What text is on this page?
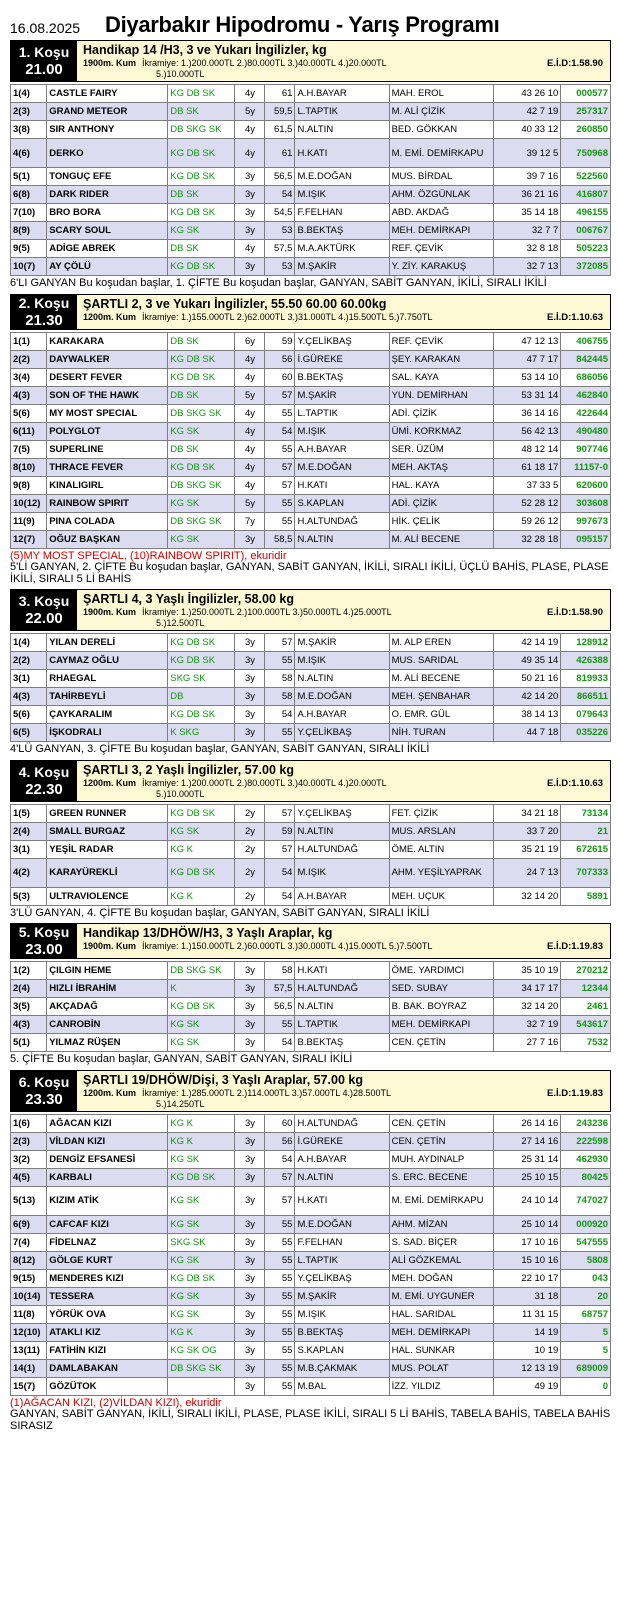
16.08.2025	Diyarbakır Hipodromu - Yarış Programı
1. Koşu
21.00
Handikap 14 /H3, 3 ve Yukarı İngilizler, kg
1900m. Kum İkramiye: 1.)200.000TL 2.)80.000TL 3.)40.000TL 4.)20.000TL	E.İ.D:1.58.90
5.)10.000TL
1(4)	CASTLE FAIRY	KG DB SK	4y	61	A.H.BAYAR	MAH. EROL	43 26 10	000577
2(3)	GRAND METEOR	DB SK	5y	59,5	L.TAPTIK	M. ALİ ÇİZİK	42 7 19	257317
3(8)	SIR ANTHONY	DB SKG SK	4y	61,5	N.ALTIN	BED. GÖKKAN	40 33 12	260850
4(6)	DERKO	KG DB SK	4y	61	H.KATI	M. EMİ. DEMİRKAPU	39 12 5	750968
5(1)	TONGUÇ EFE	KG DB SK	3y	56,5	M.E.DOĞAN	MUS. BİRDAL	39 7 16	522560
6(8)	DARK RIDER	DB SK	3y	54	M.IŞIK	AHM. ÖZGÜNLAK	36 21 16	416807
7(10)	BRO BORA	KG DB SK	3y	54,5	F.FELHAN	ABD. AKDAĞ	35 14 18	496155
8(9)	SCARY SOUL	KG SK	3y	53	B.BEKTAŞ	MEH. DEMİRKAPI	32 7 7	006767
9(5)	ADİGE ABREK	DB SK	4y	57,5	M.A.AKTÜRK	REF. ÇEVİK	32 8 18	505223
10(7)	AY ÇÖLÜ	KG DB SK	3y	53	M.ŞAKİR	Y. ZİY. KARAKUŞ	32 7 13	372085
6'LI GANYAN Bu koşudan başlar, 1. ÇİFTE Bu koşudan başlar, GANYAN, SABİT GANYAN, İKİLİ, SIRALI İKİLİ
2. Koşu
21.30
ŞARTLI 2, 3 ve Yukarı İngilizler, 55.50 60.00 60.00kg
1200m. Kum İkramiye: 1.)155.000TL 2.)62.000TL 3.)31.000TL 4.)15.500TL 5.)7.750TL	E.İ.D:1.10.63
1(1)	KARAKARA	DB SK	6y	59	Y.ÇELİKBAŞ	REF. ÇEVİK	47 12 13	406755
2(2)	DAYWALKER	KG DB SK	4y	56	İ.GÜREKE	ŞEY. KARAKAN	47 7 17	842445
3(4)	DESERT FEVER	KG DB SK	4y	60	B.BEKTAŞ	SAL. KAYA	53 14 10	686056
4(3)	SON OF THE HAWK	DB SK	5y	57	M.ŞAKİR	YUN. DEMİRHAN	53 31 14	462840
5(6)	MY MOST SPECIAL	DB SKG SK	4y	55	L.TAPTIK	ADİ. ÇİZİK	36 14 16	422644
6(11)	POLYGLOT	KG SK	4y	54	M.IŞIK	ÜMİ. KORKMAZ	56 42 13	490480
7(5)	SUPERLINE	DB SK	4y	55	A.H.BAYAR	SER. ÜZÜM	48 12 14	907746
8(10)	THRACE FEVER	KG DB SK	4y	57	M.E.DOĞAN	MEH. AKTAŞ	61 18 17	11157-0
9(8)	KINALIGIRL	DB SKG SK	4y	57	H.KATI	HAL. KAYA	37 33 5	620600
10(12)	RAINBOW SPIRIT	KG SK	5y	55	S.KAPLAN	ADİ. ÇİZİK	52 28 12	303608
11(9)	PINA COLADA	DB SKG SK	7y	55	H.ALTUNDAĞ	HİK. ÇELİK	59 26 12	997673
12(7)	OĞUZ BAŞKAN	KG SK	3y	58,5	N.ALTIN	M. ALİ BECENE	32 28 18	095157
(5)MY MOST SPECIAL, (10)RAINBOW SPIRIT), ekuridir
5'Lİ GANYAN, 2. ÇİFTE Bu koşudan başlar, GANYAN, SABİT GANYAN, İKİLİ, SIRALI İKİLİ, ÜÇLÜ BAHİS, PLASE, PLASE İKİLİ, SIRALI 5 Lİ BAHİS
3. Koşu
22.00
ŞARTLI 4, 3 Yaşlı İngilizler, 58.00 kg
1900m. Kum İkramiye: 1.)250.000TL 2.)100.000TL 3.)50.000TL 4.)25.000TL	E.İ.D:1.58.90
5.)12.500TL
1(4)	YILAN DERELİ	KG DB SK	3y	57	M.ŞAKİR	M. ALP EREN	42 14 19	128912
2(2)	CAYMAZ OĞLU	KG DB SK	3y	55	M.IŞIK	MUS. SARIDAL	49 35 14	426388
3(1)	RHAEGAL	SKG SK	3y	58	N.ALTIN	M. ALİ BECENE	50 21 16	819933
4(3)	TAHİRBEYLİ	DB	3y	58	M.E.DOĞAN	MEH. ŞENBAHAR	42 14 20	866511
5(6)	ÇAYKARALIM	KG DB SK	3y	54	A.H.BAYAR	O. EMR. GÜL	38 14 13	079643
6(5)	İŞKODRALI	K SKG	3y	55	Y.ÇELİKBAŞ	NİH. TURAN	44 7 18	035226
4'LÜ GANYAN, 3. ÇİFTE Bu koşudan başlar, GANYAN, SABİT GANYAN, SIRALI İKİLİ
4. Koşu
22.30
ŞARTLI 3, 2 Yaşlı İngilizler, 57.00 kg
1200m. Kum İkramiye: 1.)200.000TL 2.)80.000TL 3.)40.000TL 4.)20.000TL	E.İ.D:1.10.63
5.)10.000TL
1(5)	GREEN RUNNER	KG DB SK	2y	57	Y.ÇELİKBAŞ	FET. ÇİZİK	34 21 18	73134
2(4)	SMALL BURGAZ	KG SK	2y	59	N.ALTIN	MUS. ARSLAN	33 7 20	21
3(1)	YEŞİL RADAR	KG K	2y	57	H.ALTUNDAĞ	ÖME. ALTIN	35 21 19	672615
4(2)	KARAYÜREKLİ	KG DB SK	2y	54	M.IŞIK	AHM. YEŞİLYAPRAK	24 7 13	707333
5(3)	ULTRAVIOLENCE	KG K	2y	54	A.H.BAYAR	MEH. UÇUK	32 14 20	5891
3'LÜ GANYAN, 4. ÇİFTE Bu koşudan başlar, GANYAN, SABİT GANYAN, SIRALI İKİLİ
5. Koşu
23.00
Handikap 13/DHÖW/H3, 3 Yaşlı Araplar, kg
1900m. Kum İkramiye: 1.)150.000TL 2.)60.000TL 3.)30.000TL 4.)15.000TL 5.)7.500TL	E.İ.D:1.19.83
1(2)	ÇILGIN HEME	DB SKG SK	3y	58	H.KATI	ÖME. YARDIMCI	35 10 19	270212
2(4)	HIZLI İBRAHİM	K	3y	57,5	H.ALTUNDAĞ	SED. SUBAY	34 17 17	12344
3(5)	AKÇADAĞ	KG DB SK	3y	56,5	N.ALTIN	B. BAK. BOYRAZ	32 14 20	2461
4(3)	CANROBİN	KG SK	3y	55	L.TAPTIK	MEH. DEMİRKAPI	32 7 19	543617
5(1)	YILMAZ RÜŞEN	KG SK	3y	54	B.BEKTAŞ	CEN. ÇETİN	27 7 16	7532
5. ÇİFTE Bu koşudan başlar, GANYAN, SABİT GANYAN, SIRALI İKİLİ
6. Koşu
23.30
ŞARTLI 19/DHÖW/Dişi, 3 Yaşlı Araplar, 57.00 kg
1200m. Kum İkramiye: 1.)285.000TL 2.)114.000TL 3.)57.000TL 4.)28.500TL	E.İ.D:1.19.83
5.)14.250TL
1(6)	AĞACAN KIZI	KG K	3y	60	H.ALTUNDAĞ	CEN. ÇETİN	26 14 16	243236
2(3)	VİLDAN KIZI	KG K	3y	56	İ.GÜREKE	CEN. ÇETİN	27 14 16	222598
3(2)	DENGİZ EFSANESİ	KG SK	3y	54	A.H.BAYAR	MUH. AYDINALP	25 31 14	462930
4(5)	KARBALI	KG DB SK	3y	57	N.ALTIN	S. ERC. BECENE	25 10 15	80425
5(13)	KIZIM ATİK	KG SK	3y	57	H.KATI	M. EMİ. DEMİRKAPU	24 10 14	747027
6(9)	CAFCAF KIZI	KG SK	3y	55	M.E.DOĞAN	AHM. MİZAN	25 10 14	000920
7(4)	FİDELNAZ	SKG SK	3y	55	F.FELHAN	S. SAD. BİÇER	17 10 16	547555
8(12)	GÖLGE KURT	KG SK	3y	55	L.TAPTIK	ALİ GÖZKEMAL	15 10 16	5808
9(15)	MENDERES KIZI	KG DB SK	3y	55	Y.ÇELİKBAŞ	MEH. DOĞAN	22 10 17	043
10(14)	TESSERA	KG SK	3y	55	M.ŞAKİR	M. EMİ. UYGUNER	31 18	20
11(8)	YÖRÜK OVA	KG SK	3y	55	M.IŞIK	HAL. SARIDAL	11 31 15	68757
12(10)	ATAKLI KIZ	KG K	3y	55	B.BEKTAŞ	MEH. DEMİRKAPI	14 19	5
13(11)	FATİHİN KIZI	KG SK OG	3y	55	S.KAPLAN	HAL. SUNKAR	10 19	5
14(1)	DAMLABAKAN	DB SKG SK	3y	55	M.B.ÇAKMAK	MUS. POLAT	12 13 19	689009
15(7)	GÖZÜTOK		3y	55	M.BAL	İZZ. YILDIZ	49 19	0
(1)AĞACAN KIZI, (2)VİLDAN KIZI), ekuridir
GANYAN, SABİT GANYAN, İKİLİ, SIRALI İKİLİ, PLASE, PLASE İKİLİ, SIRALI 5 Lİ BAHİS, TABELA BAHİS, TABELA BAHİS SIRASIZ
